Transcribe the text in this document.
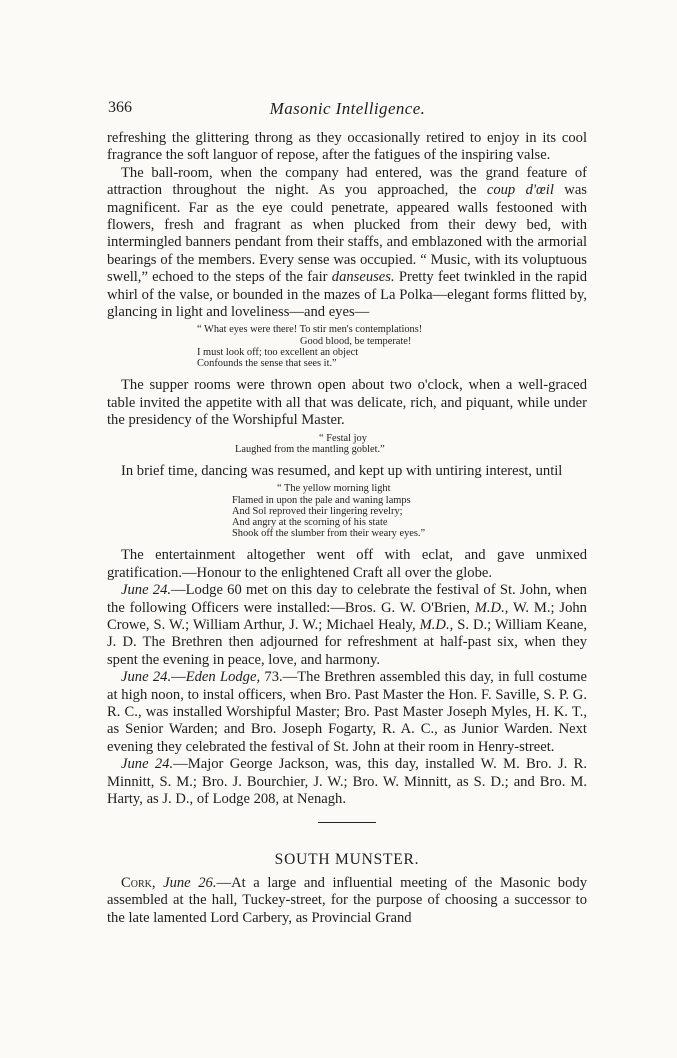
366	Masonic Intelligence.

refreshing the glittering throng as they occasionally retired to enjoy in its cool fragrance the soft languor of repose, after the fatigues of the inspiring valse.

The ball-room, when the company had entered, was the grand feature of attraction throughout the night. As you approached, the coup d'œil was magnificent. Far as the eye could penetrate, appeared walls festooned with flowers, fresh and fragrant as when plucked from their dewy bed, with intermingled banners pendant from their staffs, and emblazoned with the armorial bearings of the members. Every sense was occupied. “ Music, with its voluptuous swell,” echoed to the steps of the fair danseuses. Pretty feet twinkled in the rapid whirl of the valse, or bounded in the mazes of La Polka—elegant forms flitted by, glancing in light and loveliness—and eyes—

“ What eyes were there! To stir men's contemplations!
Good blood, be temperate!
I must look off; too excellent an object
Confounds the sense that sees it.”

The supper rooms were thrown open about two o'clock, when a well-graced table invited the appetite with all that was delicate, rich, and piquant, while under the presidency of the Worshipful Master.

“ Festal joy
Laughed from the mantling goblet.”

In brief time, dancing was resumed, and kept up with untiring interest, until

“ The yellow morning light
Flamed in upon the pale and waning lamps
And Sol reproved their lingering revelry;
And angry at the scorning of his state
Shook off the slumber from their weary eyes.”

The entertainment altogether went off with eclat, and gave unmixed gratification.—Honour to the enlightened Craft all over the globe.

June 24.—Lodge 60 met on this day to celebrate the festival of St. John, when the following Officers were installed:—Bros. G. W. O'Brien, M.D., W. M.; John Crowe, S. W.; William Arthur, J. W.; Michael Healy, M.D., S. D.; William Keane, J. D. The Brethren then adjourned for refreshment at half-past six, when they spent the evening in peace, love, and harmony.

June 24.—Eden Lodge, 73.—The Brethren assembled this day, in full costume at high noon, to instal officers, when Bro. Past Master the Hon. F. Saville, S. P. G. R. C., was installed Worshipful Master; Bro. Past Master Joseph Myles, H. K. T., as Senior Warden; and Bro. Joseph Fogarty, R. A. C., as Junior Warden. Next evening they celebrated the festival of St. John at their room in Henry-street.

June 24.—Major George Jackson, was, this day, installed W. M. Bro. J. R. Minnitt, S. M.; Bro. J. Bourchier, J. W.; Bro. W. Minnitt, as S. D.; and Bro. M. Harty, as J. D., of Lodge 208, at Nenagh.

SOUTH MUNSTER.

Cork, June 26.—At a large and influential meeting of the Masonic body assembled at the hall, Tuckey-street, for the purpose of choosing a successor to the late lamented Lord Carbery, as Provincial Grand
